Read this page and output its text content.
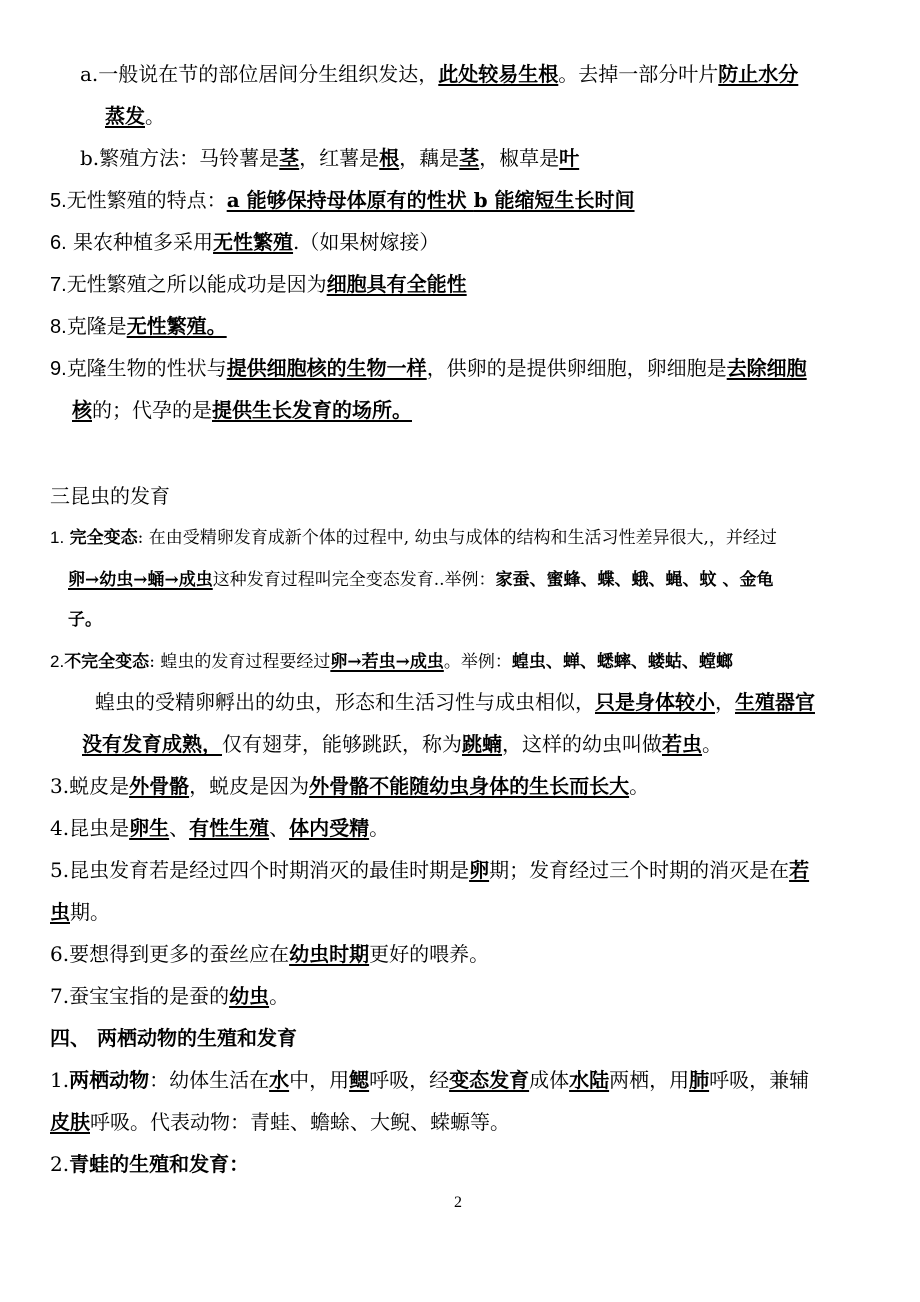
a.一般说在节的部位居间分生组织发达，此处较易生根。去掉一部分叶片防止水分
蒸发。
b.繁殖方法：马铃薯是茎，红薯是根，藕是茎，椒草是叶
5.无性繁殖的特点：a 能够保持母体原有的性状 b 能缩短生长时间
6. 果农种植多采用无性繁殖.（如果树嫁接）
7.无性繁殖之所以能成功是因为细胞具有全能性
8.克隆是无性繁殖。
9.克隆生物的性状与提供细胞核的生物一样，供卵的是提供卵细胞，卵细胞是去除细胞
核的；代孕的是提供生长发育的场所。
三昆虫的发育
1. 完全变态: 在由受精卵发育成新个体的过程中, 幼虫与成体的结构和生活习性差异很大,，并经过
卵→幼虫→蛹→成虫这种发育过程叫完全变态发育..举例：家蚕、蜜蜂、蝶、蛾、蝇、蚊 、金龟
子。
2.不完全变态: 蝗虫的发育过程要经过卵→若虫→成虫。举例：蝗虫、蝉、蟋蟀、蝼蛄、螳螂
蝗虫的受精卵孵出的幼虫，形态和生活习性与成虫相似，只是身体较小，生殖器官
没有发育成熟，仅有翅芽，能够跳跃，称为跳蝻，这样的幼虫叫做若虫。
3.蜕皮是外骨骼，蜕皮是因为外骨骼不能随幼虫身体的生长而长大。
4.昆虫是卵生、有性生殖、体内受精。
5.昆虫发育若是经过四个时期消灭的最佳时期是卵期；发育经过三个时期的消灭是在若
虫期。
6.要想得到更多的蚕丝应在幼虫时期更好的喂养。
7.蚕宝宝指的是蚕的幼虫。
四、 两栖动物的生殖和发育
1.两栖动物：幼体生活在水中，用鳃呼吸，经变态发育成体水陆两栖，用肺呼吸，兼辅
皮肤呼吸。代表动物：青蛙、蟾蜍、大鲵、蝾螈等。
2.青蛙的生殖和发育：
2
